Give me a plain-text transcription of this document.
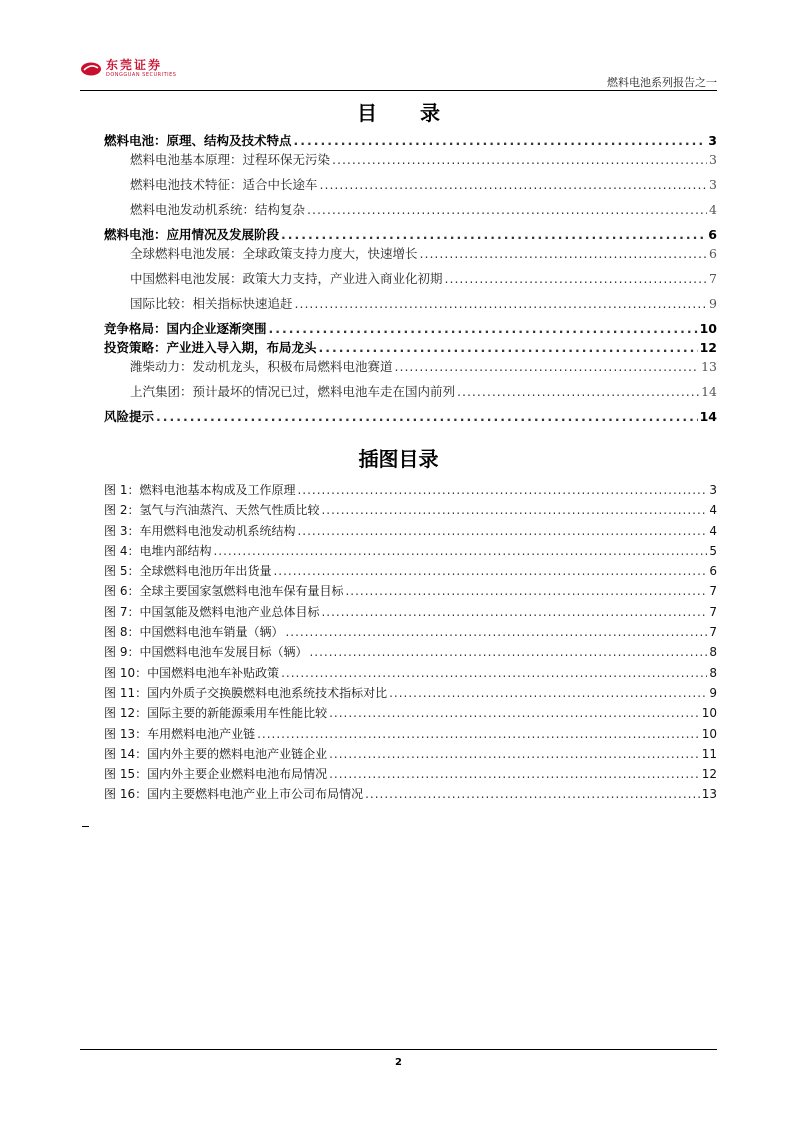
东莞证券
DONGGUAN SECURITIES
燃料电池系列报告之一
目 录
燃料电池：原理、结构及技术特点 .....	3
燃料电池基本原理：过程环保无污染 .....	3
燃料电池技术特征：适合中长途车 .....	3
燃料电池发动机系统：结构复杂 .....	4
燃料电池：应用情况及发展阶段 .....	6
全球燃料电池发展：全球政策支持力度大，快速增长 .....	6
中国燃料电池发展：政策大力支持，产业进入商业化初期 .....	7
国际比较：相关指标快速追赶 .....	9
竞争格局：国内企业逐渐突围 .....	10
投资策略：产业进入导入期，布局龙头 .....	12
潍柴动力：发动机龙头，积极布局燃料电池赛道 .....	13
上汽集团：预计最坏的情况已过，燃料电池车走在国内前列 .....	14
风险提示 .....	14
插图目录
图 1：燃料电池基本构成及工作原理 .....	3
图 2：氢气与汽油蒸汽、天然气性质比较 .....	4
图 3：车用燃料电池发动机系统结构 .....	4
图 4：电堆内部结构 .....	5
图 5：全球燃料电池历年出货量 .....	6
图 6：全球主要国家氢燃料电池车保有量目标 .....	7
图 7：中国氢能及燃料电池产业总体目标 .....	7
图 8：中国燃料电池车销量（辆） .....	7
图 9：中国燃料电池车发展目标（辆） .....	8
图 10：中国燃料电池车补贴政策 .....	8
图 11：国内外质子交换膜燃料电池系统技术指标对比 .....	9
图 12：国际主要的新能源乘用车性能比较 .....	10
图 13：车用燃料电池产业链 .....	10
图 14：国内外主要的燃料电池产业链企业 .....	11
图 15：国内外主要企业燃料电池布局情况 .....	12
图 16：国内主要燃料电池产业上市公司布局情况 .....	13
2
